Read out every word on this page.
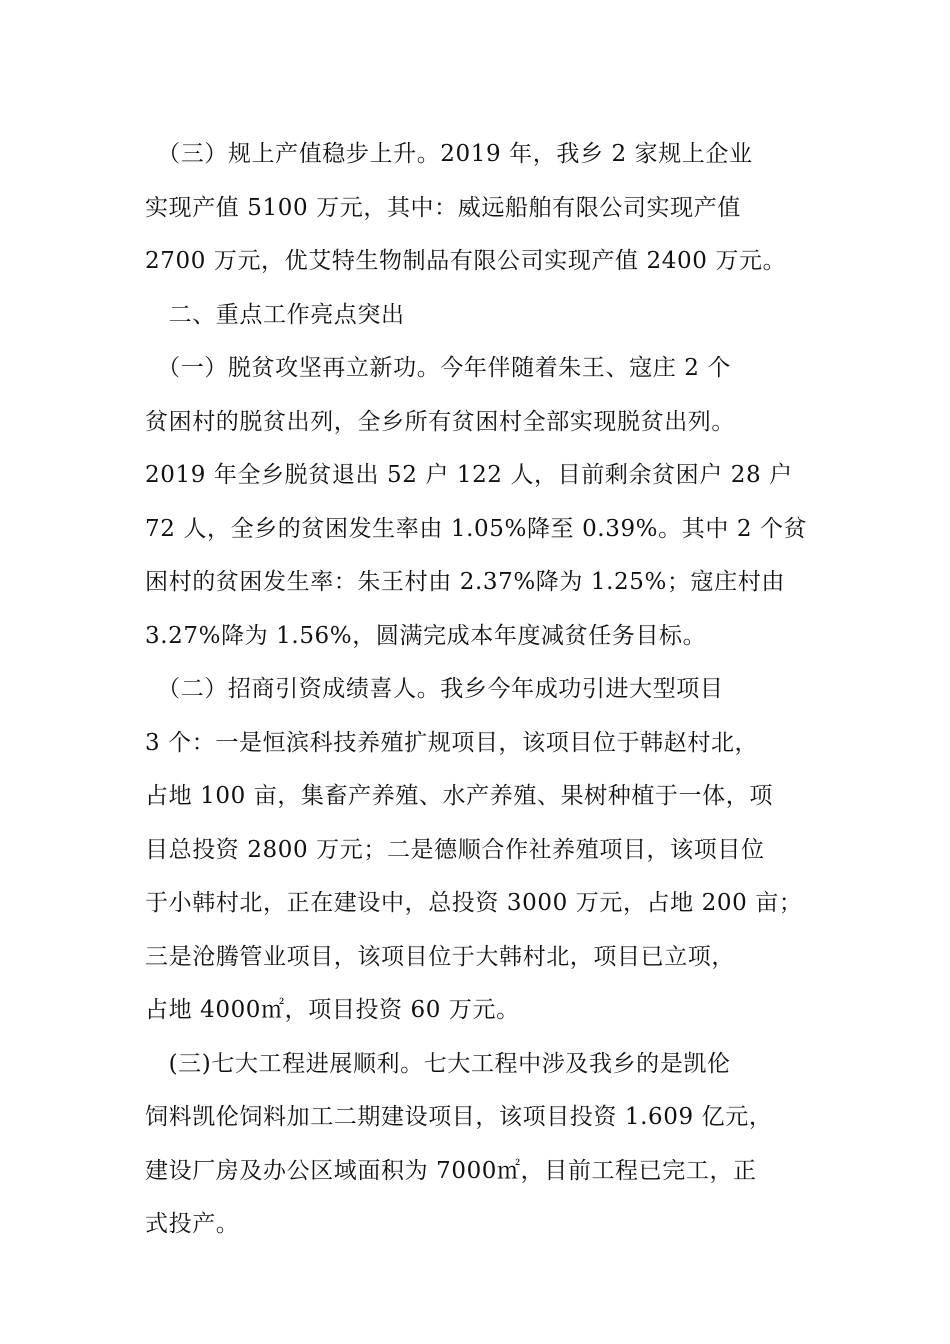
　（三）规上产值稳步上升。2019 年，我乡 2 家规上企业
实现产值 5100 万元，其中：威远船舶有限公司实现产值
2700 万元，优艾特生物制品有限公司实现产值 2400 万元。

　二、重点工作亮点突出

　（一）脱贫攻坚再立新功。今年伴随着朱王、寇庄 2 个
贫困村的脱贫出列，全乡所有贫困村全部实现脱贫出列。
2019 年全乡脱贫退出 52 户 122 人，目前剩余贫困户 28 户
72 人，全乡的贫困发生率由 1.05%降至 0.39%。其中 2 个贫
困村的贫困发生率：朱王村由 2.37%降为 1.25%；寇庄村由
3.27%降为 1.56%，圆满完成本年度减贫任务目标。

　（二）招商引资成绩喜人。我乡今年成功引进大型项目
3 个：一是恒滨科技养殖扩规项目，该项目位于韩赵村北，
占地 100 亩，集畜产养殖、水产养殖、果树种植于一体，项
目总投资 2800 万元；二是德顺合作社养殖项目，该项目位
于小韩村北，正在建设中，总投资 3000 万元，占地 200 亩；
三是沧腾管业项目，该项目位于大韩村北，项目已立项，
占地 4000㎡，项目投资 60 万元。

　(三)七大工程进展顺利。七大工程中涉及我乡的是凯伦
饲料凯伦饲料加工二期建设项目，该项目投资 1.609 亿元，
建设厂房及办公区域面积为 7000㎡，目前工程已完工，正
式投产。
